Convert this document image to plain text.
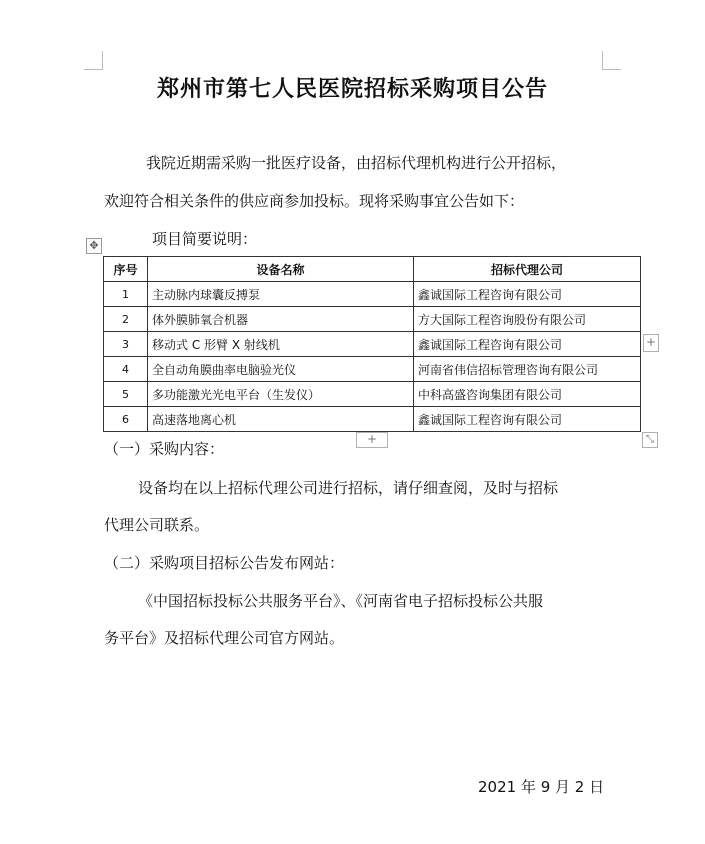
郑州市第七人民医院招标采购项目公告
我院近期需采购一批医疗设备，由招标代理机构进行公开招标，
欢迎符合相关条件的供应商参加投标。现将采购事宜公告如下：
项目简要说明：
✥
序号	设备名称	招标代理公司
1	主动脉内球囊反搏泵	鑫诚国际工程咨询有限公司
2	体外膜肺氧合机器	方大国际工程咨询股份有限公司
3	移动式 C 形臂 X 射线机	鑫诚国际工程咨询有限公司
4	全自动角膜曲率电脑验光仪	河南省伟信招标管理咨询有限公司
5	多功能激光光电平台（生发仪）	中科高盛咨询集团有限公司
6	高速落地离心机	鑫诚国际工程咨询有限公司
+
+	⤡
（一）采购内容：
设备均在以上招标代理公司进行招标，请仔细查阅，及时与招标
代理公司联系。
（二）采购项目招标公告发布网站：
《中国招标投标公共服务平台》、《河南省电子招标投标公共服
务平台》及招标代理公司官方网站。
2021 年 9 月 2 日
